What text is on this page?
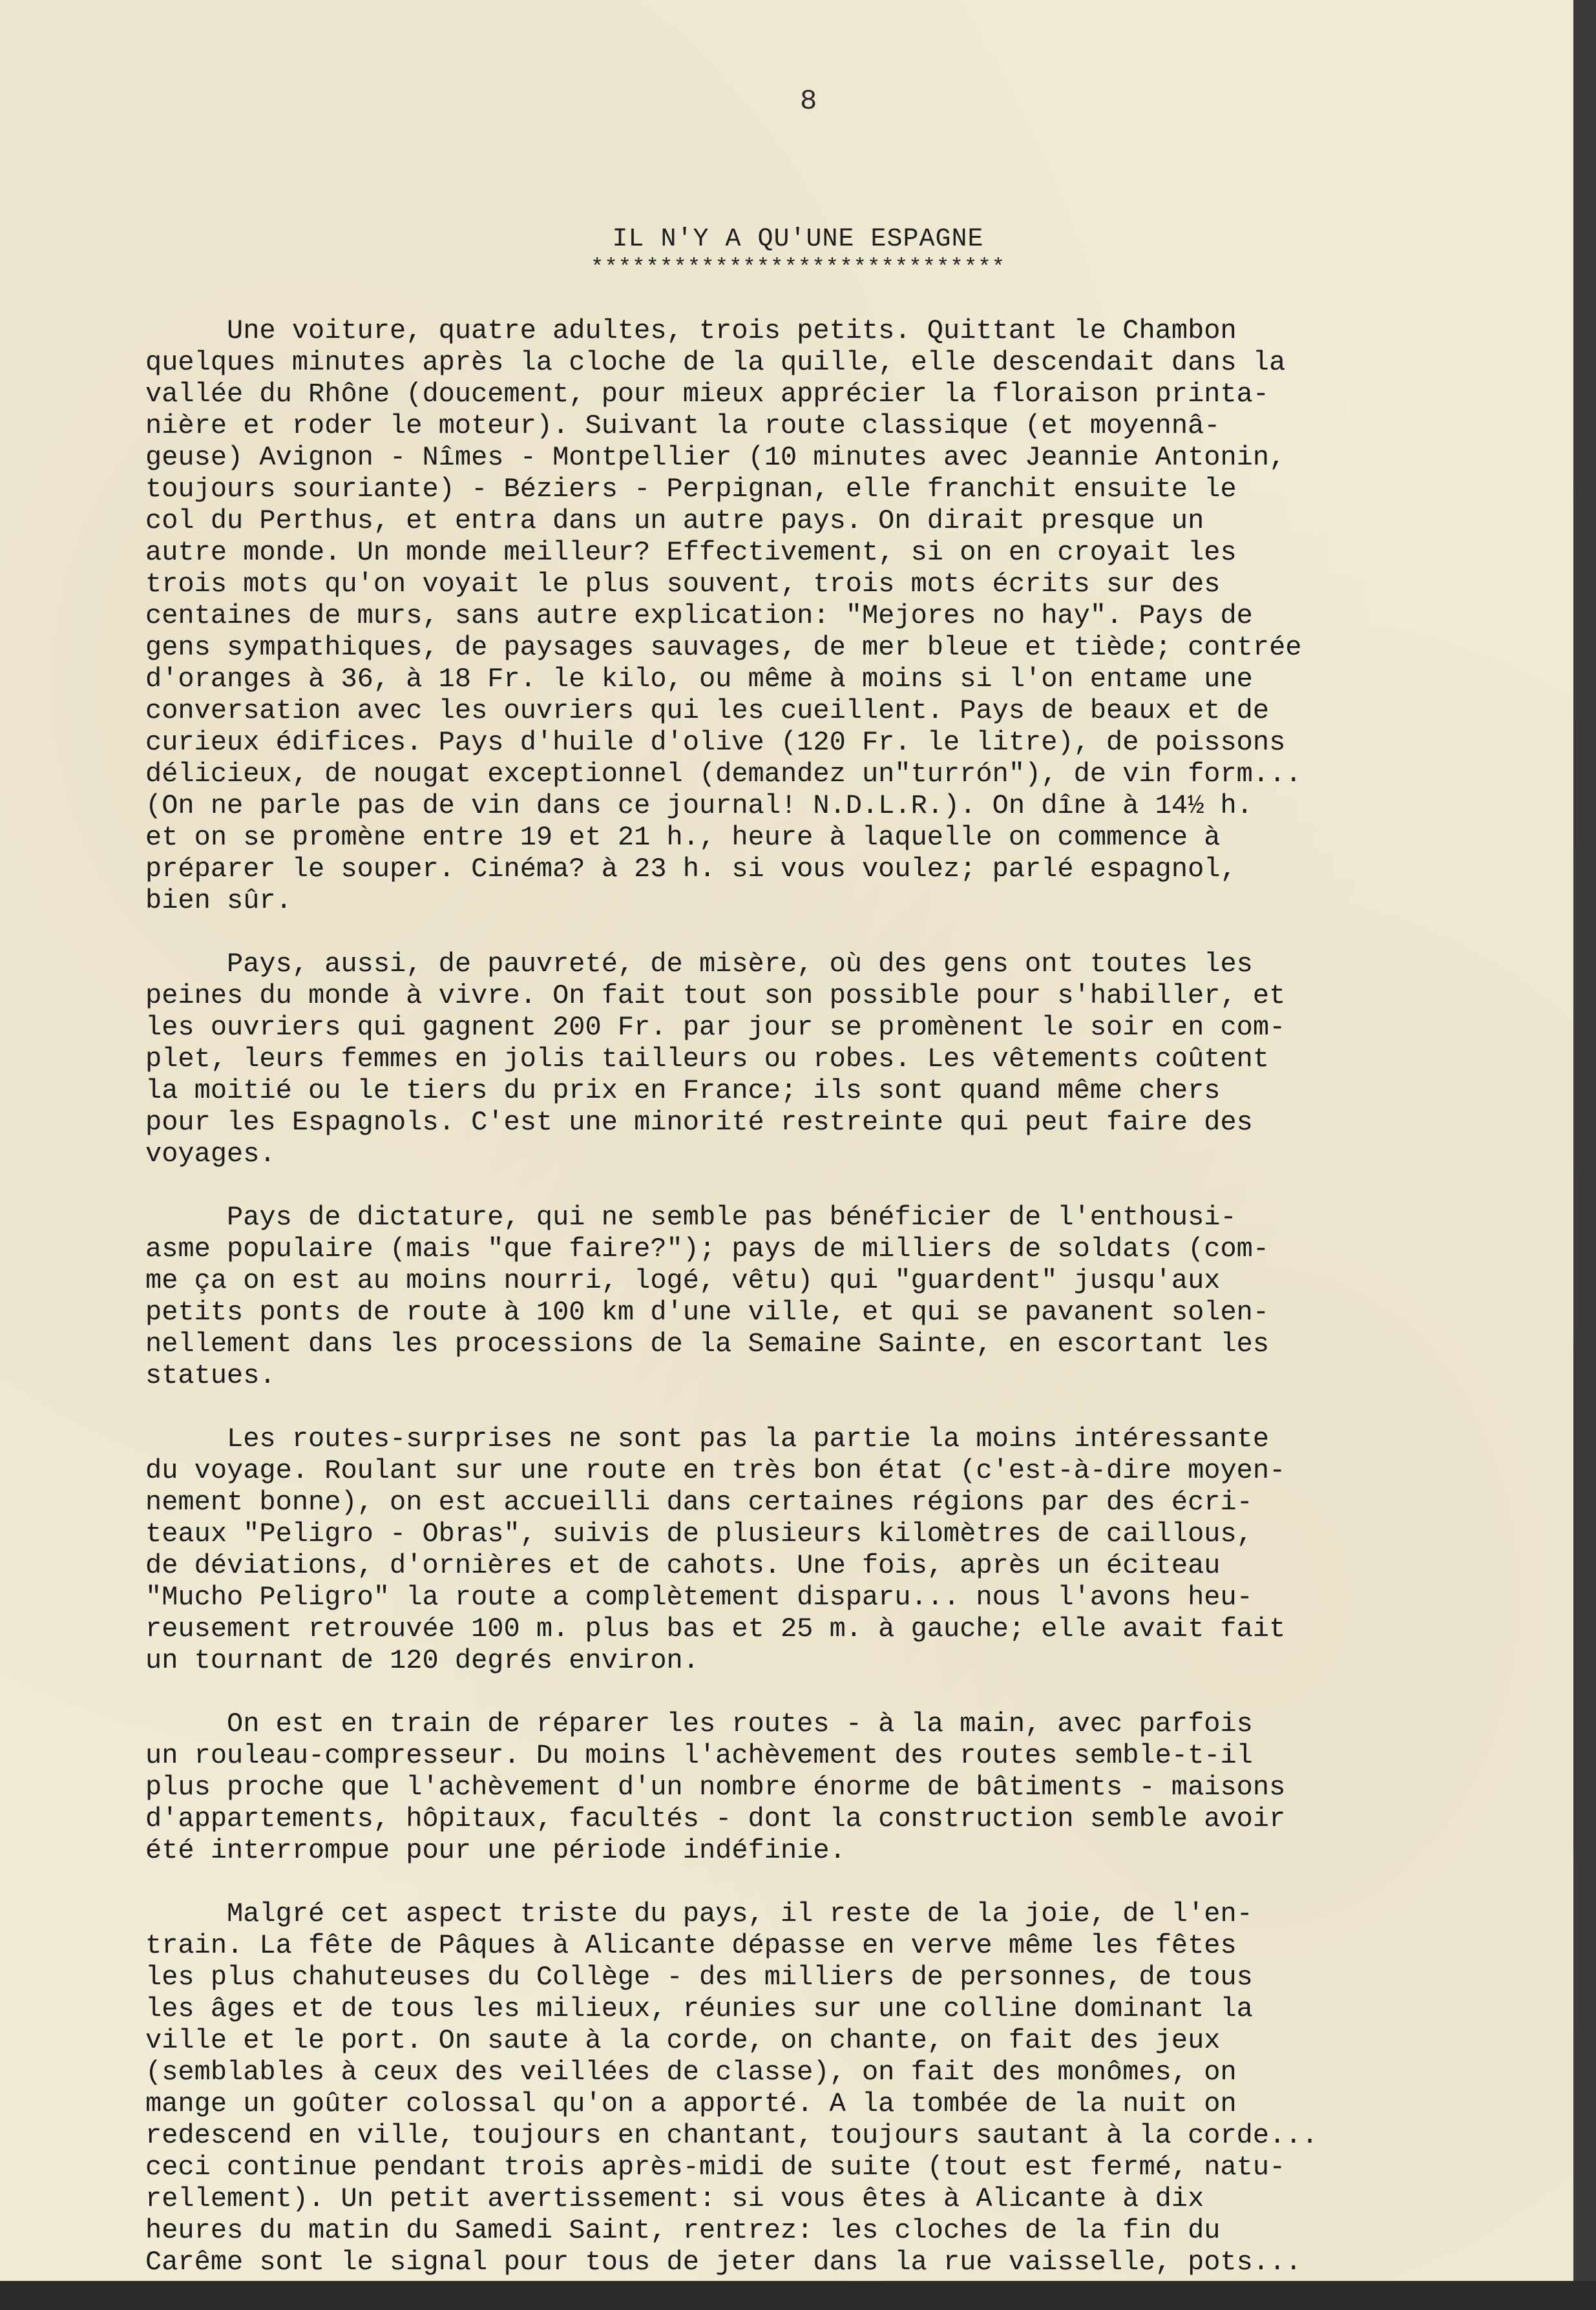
8
IL N'Y A QU'UNE ESPAGNE
******************************
Une voiture, quatre adultes, trois petits. Quittant le Chambon
quelques minutes après la cloche de la quille, elle descendait dans la
vallée du Rhône (doucement, pour mieux apprécier la floraison printa-
nière et roder le moteur). Suivant la route classique (et moyennâ-
geuse) Avignon - Nîmes - Montpellier (10 minutes avec Jeannie Antonin,
toujours souriante) - Béziers - Perpignan, elle franchit ensuite le
col du Perthus, et entra dans un autre pays. On dirait presque un
autre monde. Un monde meilleur? Effectivement, si on en croyait les
trois mots qu'on voyait le plus souvent, trois mots écrits sur des
centaines de murs, sans autre explication: "Mejores no hay". Pays de
gens sympathiques, de paysages sauvages, de mer bleue et tiède; contrée
d'oranges à 36, à 18 Fr. le kilo, ou même à moins si l'on entame une
conversation avec les ouvriers qui les cueillent. Pays de beaux et de
curieux édifices. Pays d'huile d'olive (120 Fr. le litre), de poissons
délicieux, de nougat exceptionnel (demandez un"turrón"), de vin form...
(On ne parle pas de vin dans ce journal! N.D.L.R.). On dîne à 14½ h.
et on se promène entre 19 et 21 h., heure à laquelle on commence à
préparer le souper. Cinéma? à 23 h. si vous voulez; parlé espagnol,
bien sûr.
Pays, aussi, de pauvreté, de misère, où des gens ont toutes les
peines du monde à vivre. On fait tout son possible pour s'habiller, et
les ouvriers qui gagnent 200 Fr. par jour se promènent le soir en com-
plet, leurs femmes en jolis tailleurs ou robes. Les vêtements coûtent
la moitié ou le tiers du prix en France; ils sont quand même chers
pour les Espagnols. C'est une minorité restreinte qui peut faire des
voyages.
Pays de dictature, qui ne semble pas bénéficier de l'enthousi-
asme populaire (mais "que faire?"); pays de milliers de soldats (com-
me ça on est au moins nourri, logé, vêtu) qui "guardent" jusqu'aux
petits ponts de route à 100 km d'une ville, et qui se pavanent solen-
nellement dans les processions de la Semaine Sainte, en escortant les
statues.
Les routes-surprises ne sont pas la partie la moins intéressante
du voyage. Roulant sur une route en très bon état (c'est-à-dire moyen-
nement bonne), on est accueilli dans certaines régions par des écri-
teaux "Peligro - Obras", suivis de plusieurs kilomètres de caillous,
de déviations, d'ornières et de cahots. Une fois, après un éciteau
"Mucho Peligro" la route a complètement disparu... nous l'avons heu-
reusement retrouvée 100 m. plus bas et 25 m. à gauche; elle avait fait
un tournant de 120 degrés environ.
On est en train de réparer les routes - à la main, avec parfois
un rouleau-compresseur. Du moins l'achèvement des routes semble-t-il
plus proche que l'achèvement d'un nombre énorme de bâtiments - maisons
d'appartements, hôpitaux, facultés - dont la construction semble avoir
été interrompue pour une période indéfinie.
Malgré cet aspect triste du pays, il reste de la joie, de l'en-
train. La fête de Pâques à Alicante dépasse en verve même les fêtes
les plus chahuteuses du Collège - des milliers de personnes, de tous
les âges et de tous les milieux, réunies sur une colline dominant la
ville et le port. On saute à la corde, on chante, on fait des jeux
(semblables à ceux des veillées de classe), on fait des monômes, on
mange un goûter colossal qu'on a apporté. A la tombée de la nuit on
redescend en ville, toujours en chantant, toujours sautant à la corde...
ceci continue pendant trois après-midi de suite (tout est fermé, natu-
rellement). Un petit avertissement: si vous êtes à Alicante à dix
heures du matin du Samedi Saint, rentrez: les cloches de la fin du
Carême sont le signal pour tous de jeter dans la rue vaisselle, pots...
